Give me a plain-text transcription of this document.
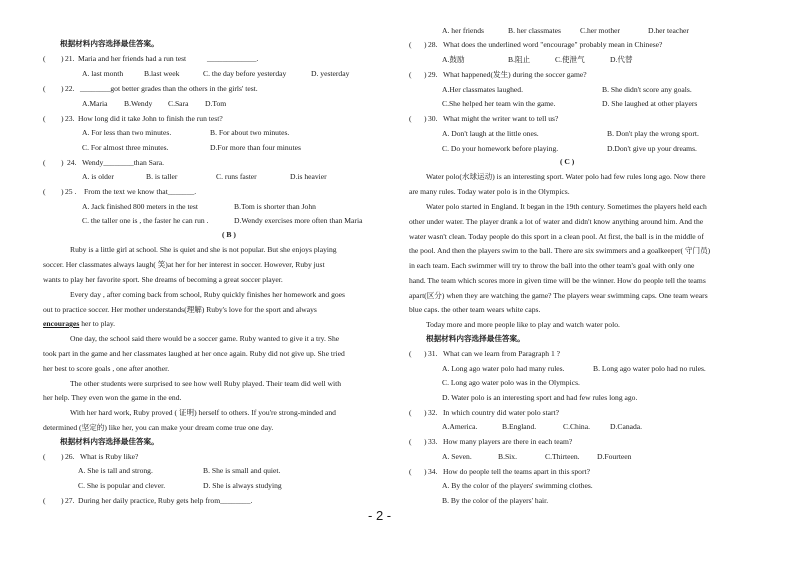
根据材料内容选择最佳答案。
( ) 21. Maria and her friends had a run test	_____________.
A. last month	B.last week	C. the day before yesterday	D. yesterday
( ) 22. ________got better grades than the others in the girls' test.
A.Maria B.Wendy C.Sara D.Tom
( ) 23. How long did it take John to finish the run test?
A. For less than two minutes.	B. For about two minutes.
C. For almost three minutes.	D.For more than four minutes
( ) 24. Wendy________than Sara.
A. is older	B. is taller	C. runs faster	D.is heavier
( ) 25 . From the text we know that_______.
A. Jack finished 800 meters in the test	B.Tom is shorter than John
C. the taller one is , the faster he can run .	D.Wendy exercises more often than Maria
( B )
Ruby is a little girl at school. She is quiet and she is not popular. But she enjoys playing
soccer. Her classmates always laugh( 笑)at her for her interest in soccer. However, Ruby just
wants to play her favorite sport. She dreams of becoming a great soccer player.
Every day , after coming back from school, Ruby quickly finishes her homework and goes
out to practice soccer. Her mother understands(理解) Ruby's love for the sport and always
encourages her to play.
One day, the school said there would be a soccer game. Ruby wanted to give it a try. She
took part in the game and her classmates laughed at her once again. Ruby did not give up. She tried
her best to score goals , one after another.
The other students were surprised to see how well Ruby played. Their team did well with
her help. They even won the game in the end.
With her hard work, Ruby proved ( 证明) herself to others. If you're strong-minded and
determined (坚定的) like her, you can make your dream come true one day.
根据材料内容选择最佳答案。
( ) 26. What is Ruby like?
A. She is tall and strong.	B. She is small and quiet.
C. She is popular and clever.	D. She is always studying
( ) 27. During her daily practice, Ruby gets help from________.
A. her friends	B. her classmates	C.her mother	D.her teacher
( ) 28. What does the underlined word "encourage" probably mean in Chinese?
A.鼓励	B.阻止	C.使泄气	D.代替
( ) 29. What happened(发生) during the soccer game?
A.Her classmates laughed.	B. She didn't score any goals.
C.She helped her team win the game.	D. She laughed at other players
( ) 30. What might the writer want to tell us?
A. Don't laugh at the little ones.	B. Don't play the wrong sport.
C. Do your homework before playing.	D.Don't give up your dreams.
( C )
Water polo(水球运动) is an interesting sport. Water polo had few rules long ago. Now there
are many rules. Today water polo is in the Olympics.
Water polo started in England. It began in the 19th century. Sometimes the players held each
other under water. The player drank a lot of water and didn't know anything around him. And the
water wasn't clean. Today people do this sport in a clean pool. At first, the ball is in the middle of
the pool. And then the players swim to the ball. There are six swimmers and a goalkeeper( 守门员)
in each team. Each swimmer will try to throw the ball into the other team's goal with only one
hand. The team which scores more in given time will be the winner. How do people tell the teams
apart(区分) when they are watching the game? The players wear swimming caps. One team wears
blue caps. the other team wears white caps.
Today more and more people like to play and watch water polo.
根据材料内容选择最佳答案。
( ) 31. What can we learn from Paragraph 1 ?
A. Long ago water polo had many rules.	B. Long ago water polo had no rules.
C. Long ago water polo was in the Olympics.
D. Water polo is an interesting sport and had few rules long ago.
( ) 32. In which country did water polo start?
A.America.	B.England.	C.China.	D.Canada.
( ) 33. How many players are there in each team?
A. Seven.	B.Six.	C.Thirteen. D.Fourteen
( ) 34. How do people tell the teams apart in this sport?
A. By the color of the players' swimming clothes.
B. By the color of the players' hair.
- 2 -
